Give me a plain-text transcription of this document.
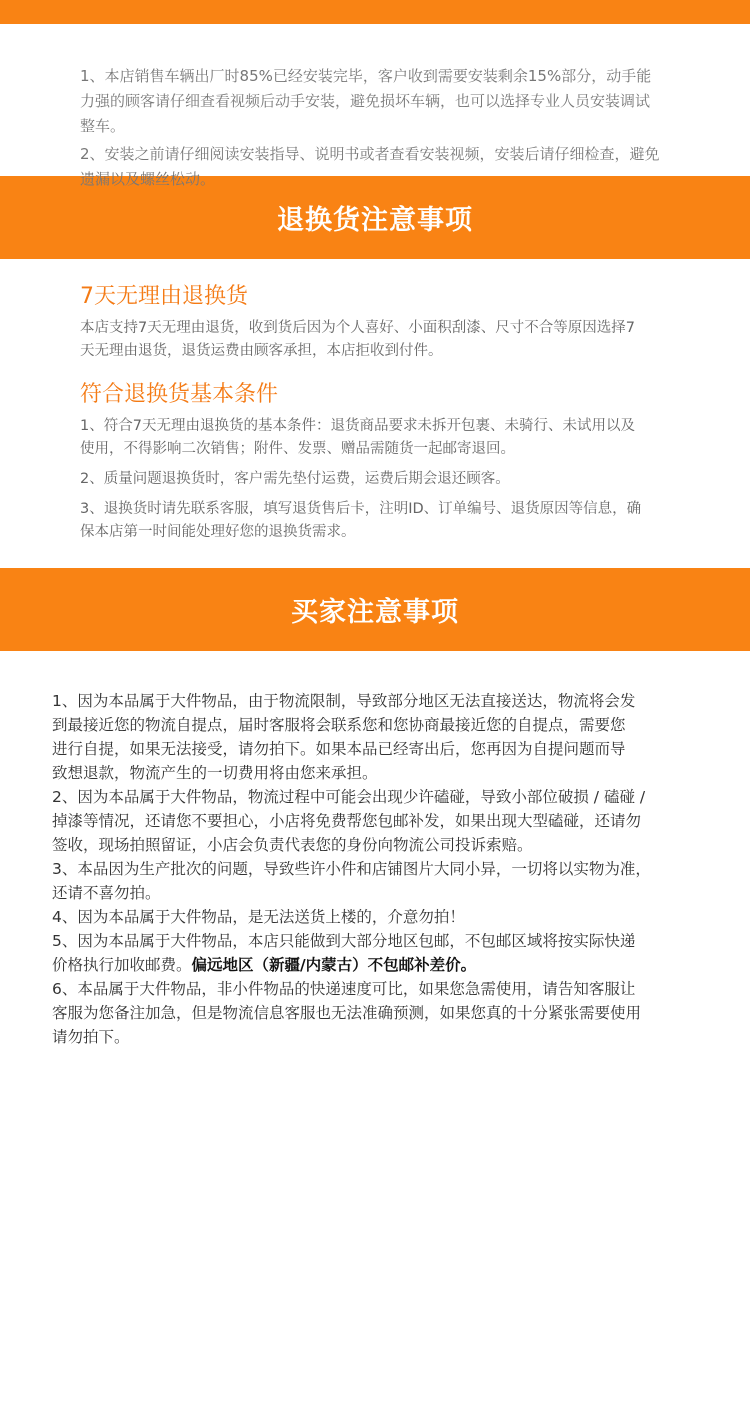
1、本店销售车辆出厂时85%已经安装完毕，客户收到需要安装剩余15%部分，动手能
力强的顾客请仔细查看视频后动手安装，避免损坏车辆，也可以选择专业人员安装调试
整车。
2、安装之前请仔细阅读安装指导、说明书或者查看安装视频，安装后请仔细检查，避免
遗漏以及螺丝松动。
退换货注意事项
7天无理由退换货
本店支持7天无理由退货，收到货后因为个人喜好、小面积刮漆、尺寸不合等原因选择7
天无理由退货，退货运费由顾客承担，本店拒收到付件。
符合退换货基本条件
1、符合7天无理由退换货的基本条件：退货商品要求未拆开包裹、未骑行、未试用以及
使用，不得影响二次销售；附件、发票、赠品需随货一起邮寄退回。
2、质量问题退换货时，客户需先垫付运费，运费后期会退还顾客。
3、退换货时请先联系客服，填写退货售后卡，注明ID、订单编号、退货原因等信息，确
保本店第一时间能处理好您的退换货需求。
买家注意事项
1、因为本品属于大件物品，由于物流限制，导致部分地区无法直接送达，物流将会发
到最接近您的物流自提点，届时客服将会联系您和您协商最接近您的自提点，需要您
进行自提，如果无法接受，请勿拍下。如果本品已经寄出后，您再因为自提问题而导
致想退款，物流产生的一切费用将由您来承担。
2、因为本品属于大件物品，物流过程中可能会出现少许磕碰，导致小部位破损 / 磕碰 /
掉漆等情况，还请您不要担心，小店将免费帮您包邮补发，如果出现大型磕碰，还请勿
签收，现场拍照留证，小店会负责代表您的身份向物流公司投诉索赔。
3、本品因为生产批次的问题，导致些许小件和店铺图片大同小异，一切将以实物为准，
还请不喜勿拍。
4、因为本品属于大件物品，是无法送货上楼的，介意勿拍！
5、因为本品属于大件物品，本店只能做到大部分地区包邮，不包邮区域将按实际快递
价格执行加收邮费。偏远地区（新疆/内蒙古）不包邮补差价。
6、本品属于大件物品，非小件物品的快递速度可比，如果您急需使用，请告知客服让
客服为您备注加急，但是物流信息客服也无法准确预测，如果您真的十分紧张需要使用
请勿拍下。
